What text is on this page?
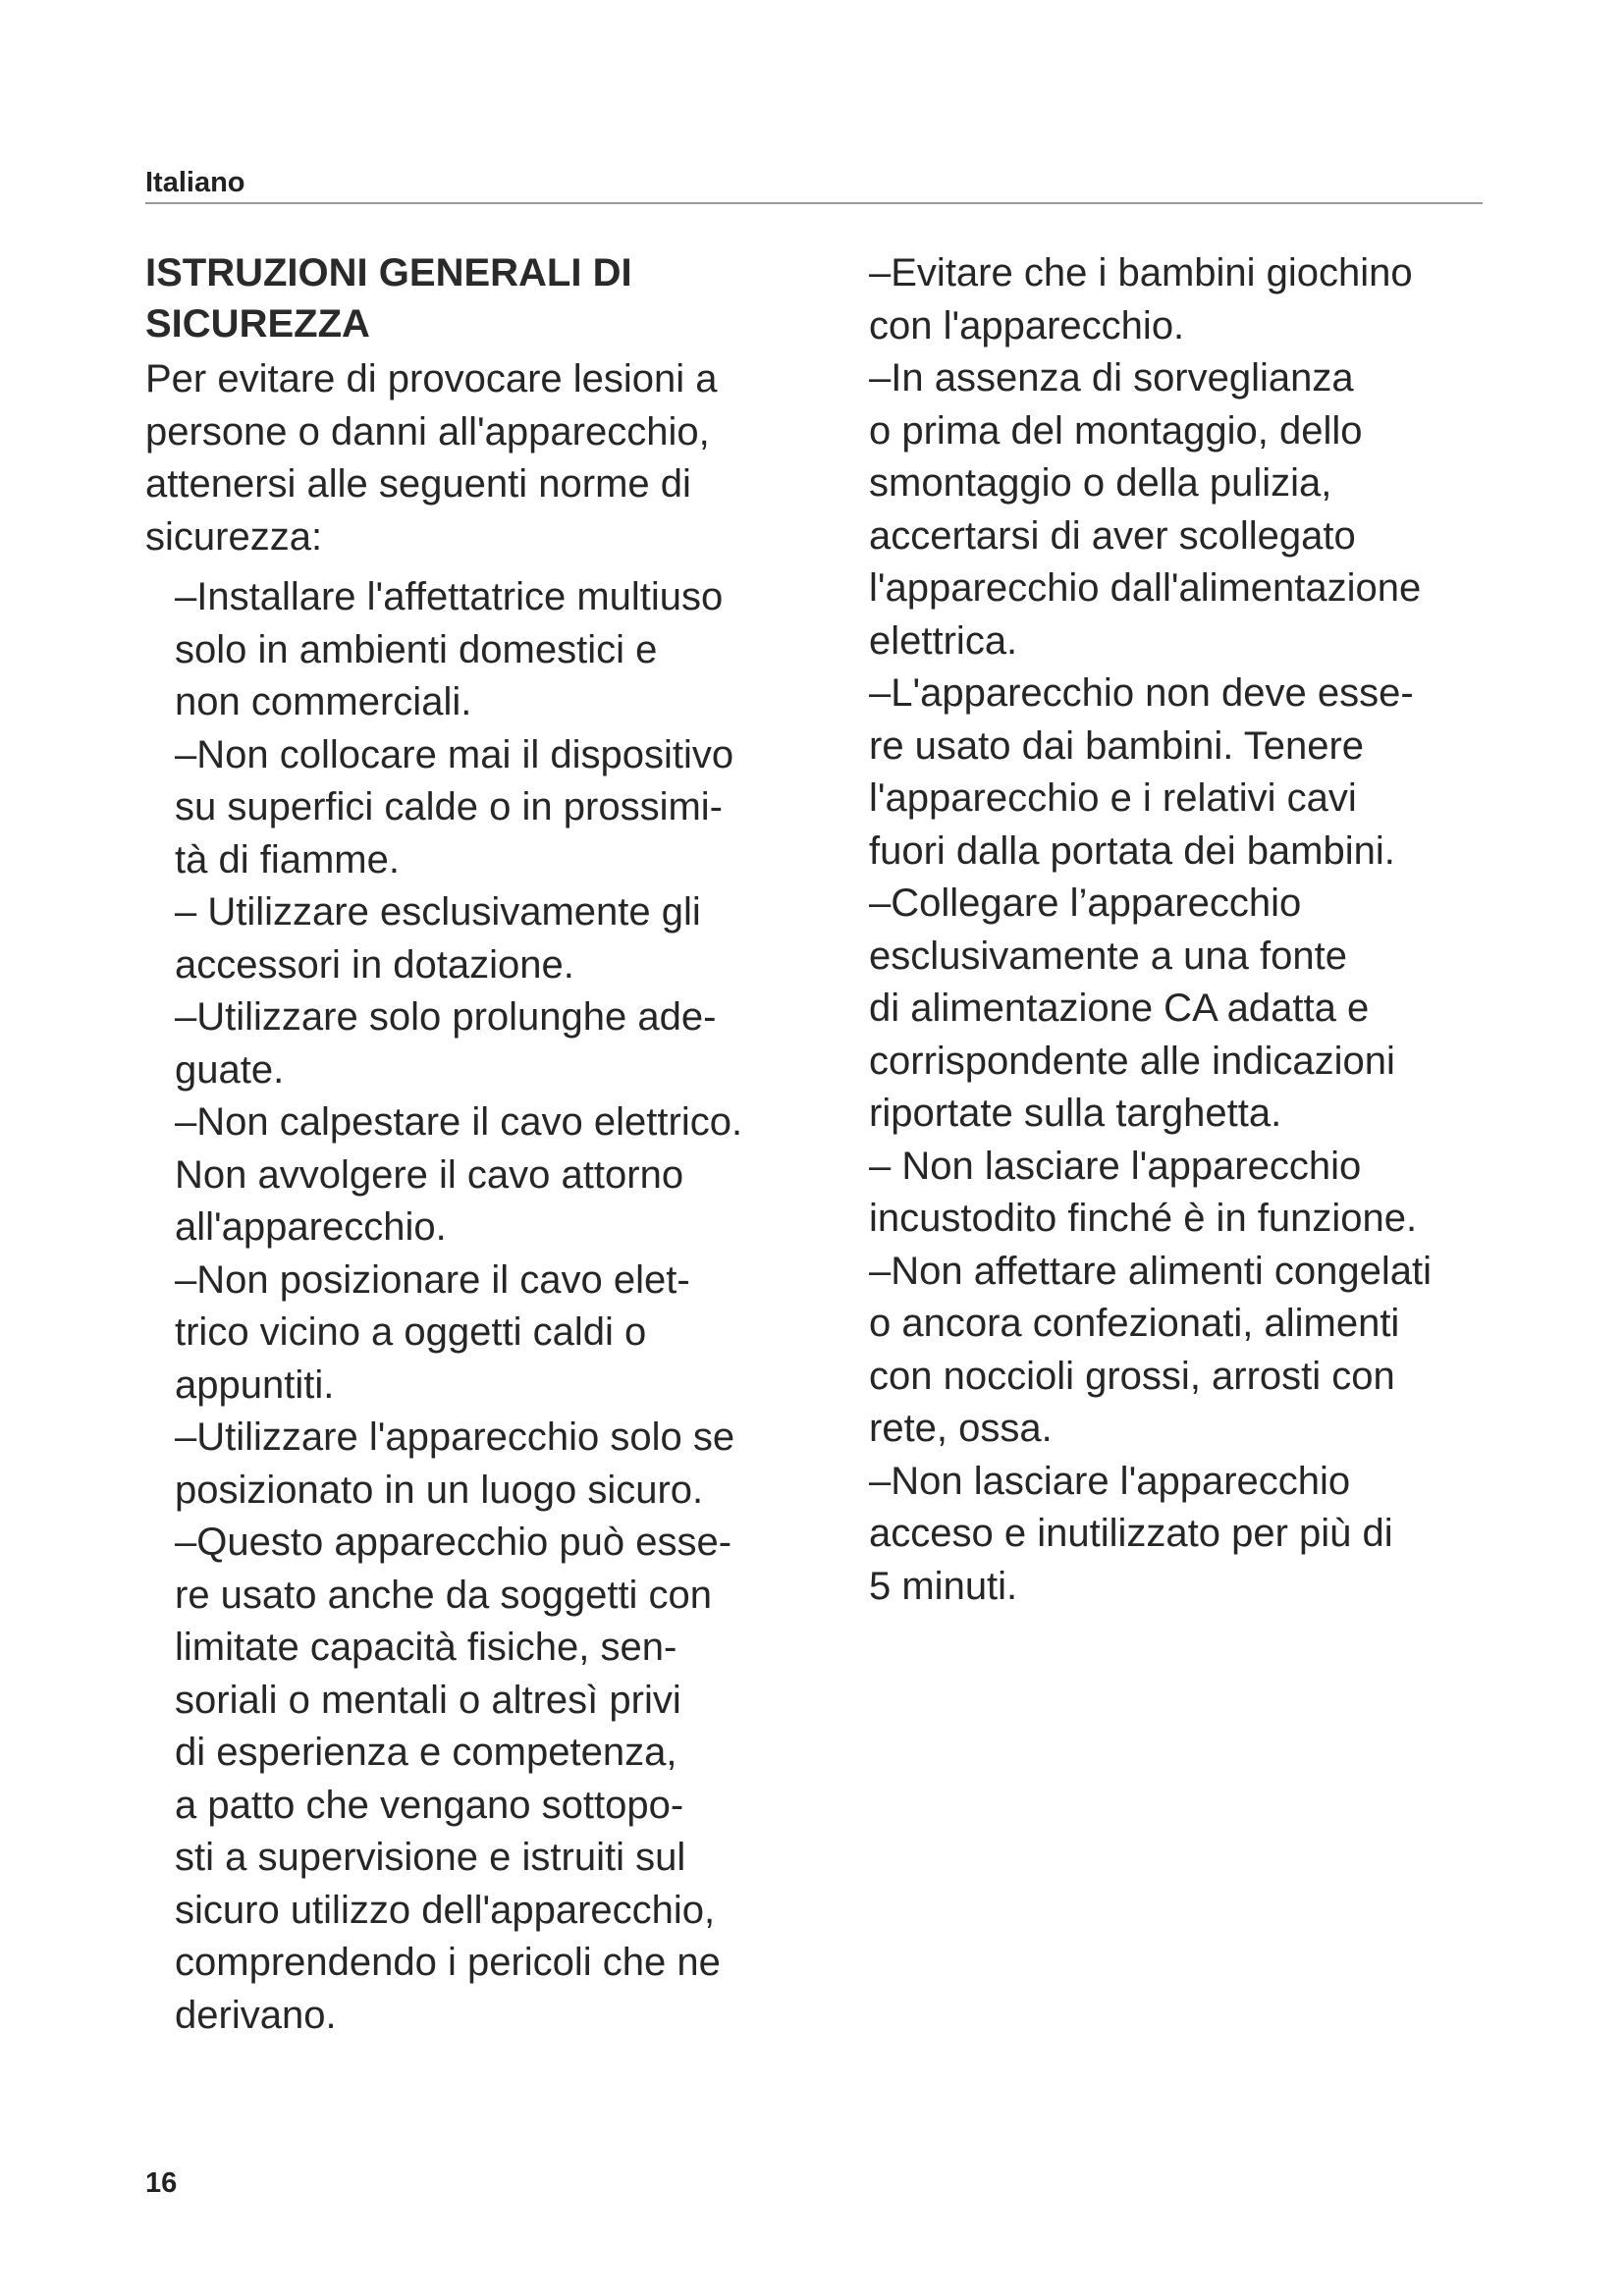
Italiano
ISTRUZIONI GENERALI DI
SICUREZZA
Per evitare di provocare lesioni a
persone o danni all'apparecchio,
attenersi alle seguenti norme di
sicurezza:
–Installare l'affettatrice multiuso
solo in ambienti domestici e
non commerciali.
–Non collocare mai il dispositivo
su superfici calde o in prossimi-
tà di fiamme.
– Utilizzare esclusivamente gli
accessori in dotazione.
–Utilizzare solo prolunghe ade-
guate.
–Non calpestare il cavo elettrico.
Non avvolgere il cavo attorno
all'apparecchio.
–Non posizionare il cavo elet-
trico vicino a oggetti caldi o
appuntiti.
–Utilizzare l'apparecchio solo se
posizionato in un luogo sicuro.
–Questo apparecchio può esse-
re usato anche da soggetti con
limitate capacità fisiche, sen-
soriali o mentali o altresì privi
di esperienza e competenza,
a patto che vengano sottopo-
sti a supervisione e istruiti sul
sicuro utilizzo dell'apparecchio,
comprendendo i pericoli che ne
derivano.
–Evitare che i bambini giochino
con l'apparecchio.
–In assenza di sorveglianza
o prima del montaggio, dello
smontaggio o della pulizia,
accertarsi di aver scollegato
l'apparecchio dall'alimentazione
elettrica.
–L'apparecchio non deve esse-
re usato dai bambini. Tenere
l'apparecchio e i relativi cavi
fuori dalla portata dei bambini.
–Collegare l’apparecchio
esclusivamente a una fonte
di alimentazione CA adatta e
corrispondente alle indicazioni
riportate sulla targhetta.
– Non lasciare l'apparecchio
incustodito finché è in funzione.
–Non affettare alimenti congelati
o ancora confezionati, alimenti
con noccioli grossi, arrosti con
rete, ossa.
–Non lasciare l'apparecchio
acceso e inutilizzato per più di
5 minuti.
16
